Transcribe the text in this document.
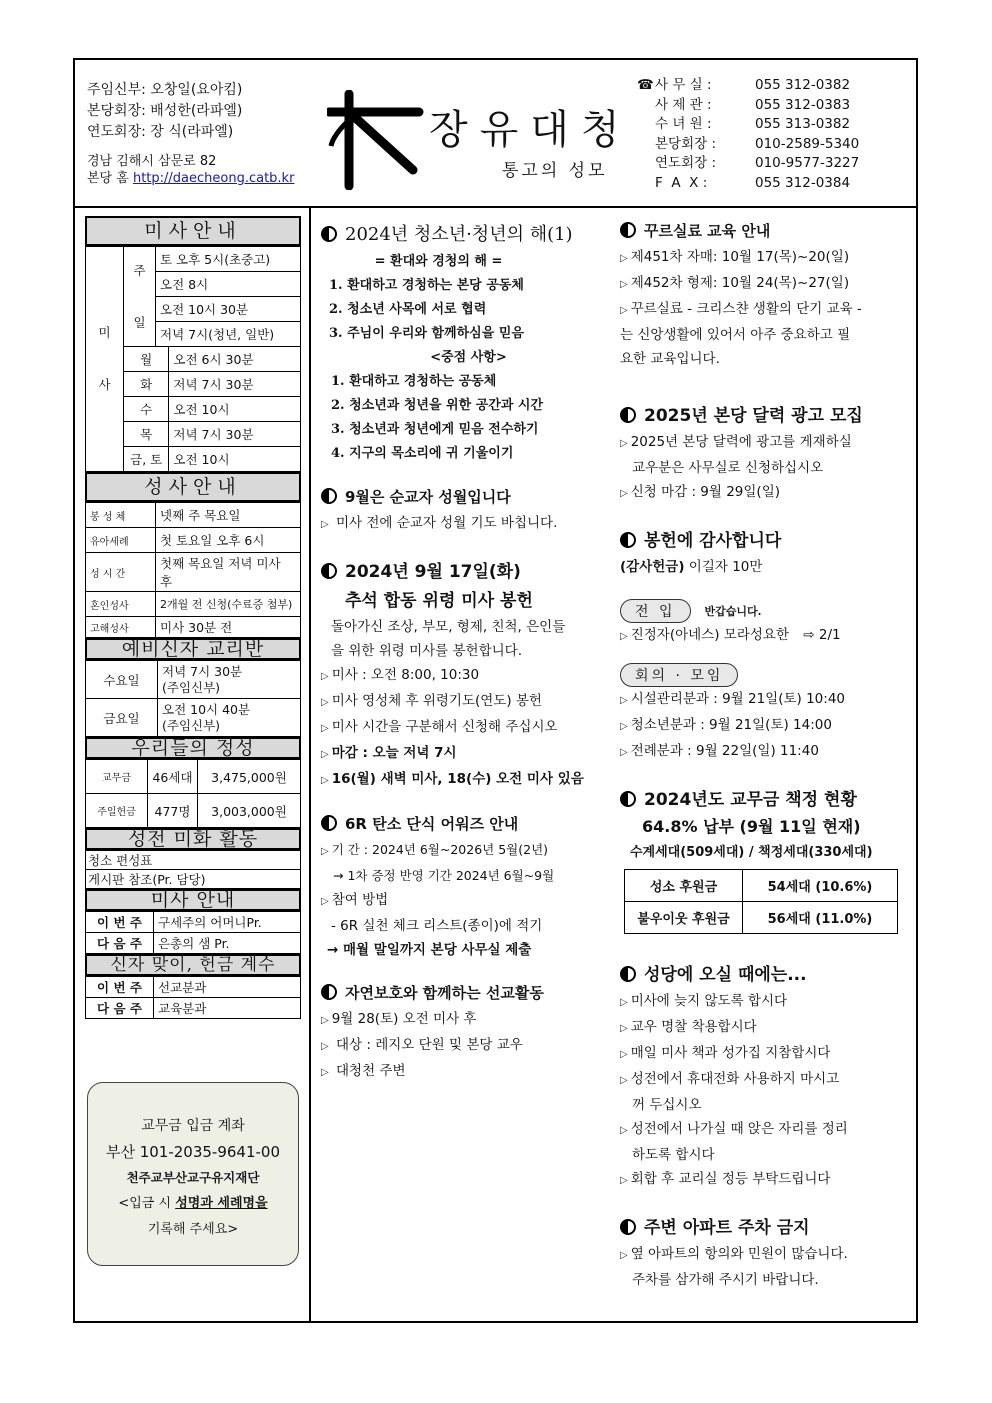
주임신부: 오창일(요아킴)
본당회장: 배성한(라파엘)
연도회장: 장 식(라파엘)
경남 김해시 삼문로 82
본당 홈 http://daecheong.catb.kr
장유대청
통고의 성모
☎ 사 무 실 :	055 312-0382
사 제 관 :	055 312-0383
수 녀 원 :	055 313-0382
본당회장 :	010-2589-5340
연도회장 :	010-9577-3227
F  A  X :	055 312-0384
미사안내
미
사	주

일	토 오후 5시(초중고)	
		오전 8시	
		오전 10시 30분	
		저녁 7시(청년, 일반)	
	월		오전 6시 30분
	화		저녁 7시 30분
	수		오전 10시
	목		저녁 7시 30분
	금, 토		오전 10시
성사안내
봉 성 체	넷째 주 목요일
유아세례	첫 토요일 오후 6시
성 시 간	첫째 목요일 저녁 미사 후
혼인성사	2개월 전 신청(수료증 첨부)
고해성사	미사 30분 전
예비신자 교리반
수요일	저녁 7시 30분
(주임신부)
금요일	오전 10시 40분
(주임신부)
우리들의 정성
교무금	46세대	3,475,000원
주일헌금	477명	3,003,000원
성전 미화 활동
청소 편성표
게시판 참조(Pr. 담당)
미사 안내
이 번 주	구세주의 어머니Pr.
다 음 주	은총의 샘 Pr.
신자 맞이, 헌금 계수
이 번 주	선교분과
다 음 주	교육분과
교무금 입금 계좌
부산 101-2035-9641-00
천주교부산교구유지재단
<입금 시 성명과 세례명을
기록해 주세요>
2024년 청소년·청년의 해(1)
= 환대와 경청의 해 =
1. 환대하고 경청하는 본당 공동체
2. 청소년 사목에 서로 협력
3. 주님이 우리와 함께하심을 믿음
<중점 사항>
1. 환대하고 경청하는 공동체
2. 청소년과 청년을 위한 공간과 시간
3. 청소년과 청년에게 믿음 전수하기
4. 지구의 목소리에 귀 기울이기
9월은 순교자 성월입니다
▷ 미사 전에 순교자 성월 기도 바칩니다.
2024년 9월 17일(화)
추석 합동 위령 미사 봉헌
돌아가신 조상, 부모, 형제, 친척, 은인들
을 위한 위령 미사를 봉헌합니다.
▷ 미사 : 오전 8:00, 10:30
▷ 미사 영성체 후 위령기도(연도) 봉헌
▷ 미사 시간을 구분해서 신청해 주십시오
▷ 마감 : 오늘 저녁 7시
▷ 16(월) 새벽 미사, 18(수) 오전 미사 있음
6R 탄소 단식 어워즈 안내
▷ 기 간 : 2024년 6월~2026년 5월(2년)
→ 1차 증정 반영 기간 2024년 6월~9월
▷ 참여 방법
- 6R 실천 체크 리스트(종이)에 적기
→ 매월 말일까지 본당 사무실 제출
자연보호와 함께하는 선교활동
▷ 9월 28(토) 오전 미사 후
▷ 대상 : 레지오 단원 및 본당 교우
▷ 대청천 주변
꾸르실료 교육 안내
▷ 제451차 자매: 10월 17(목)~20(일)
▷ 제452차 형제: 10월 24(목)~27(일)
▷ 꾸르실료 - 크리스챤 생활의 단기 교육 -
는 신앙생활에 있어서 아주 중요하고 필
요한 교육입니다.
2025년 본당 달력 광고 모집
▷ 2025년 본당 달력에 광고를 게재하실
교우분은 사무실로 신청하십시오
▷ 신청 마감 : 9월 29일(일)
봉헌에 감사합니다
(감사헌금) 이길자 10만
전 입	반갑습니다.
▷ 진정자(아네스) 모라성요한 ⇨ 2/1
회의 · 모임
▷ 시설관리분과 : 9월 21일(토) 10:40
▷ 청소년분과 : 9월 21일(토) 14:00
▷ 전례분과 : 9월 22일(일) 11:40
2024년도 교무금 책정 현황
64.8% 납부 (9월 11일 현재)
수계세대(509세대) / 책정세대(330세대)
성소 후원금	54세대 (10.6%)
불우이웃 후원금	56세대 (11.0%)
성당에 오실 때에는...
▷ 미사에 늦지 않도록 합시다
▷ 교우 명찰 착용합시다
▷ 매일 미사 책과 성가집 지참합시다
▷ 성전에서 휴대전화 사용하지 마시고
꺼 두십시오
▷ 성전에서 나가실 때 앉은 자리를 정리
하도록 합시다
▷ 회합 후 교리실 정등 부탁드립니다
주변 아파트 주차 금지
▷ 옆 아파트의 항의와 민원이 많습니다.
주차를 삼가해 주시기 바랍니다.
